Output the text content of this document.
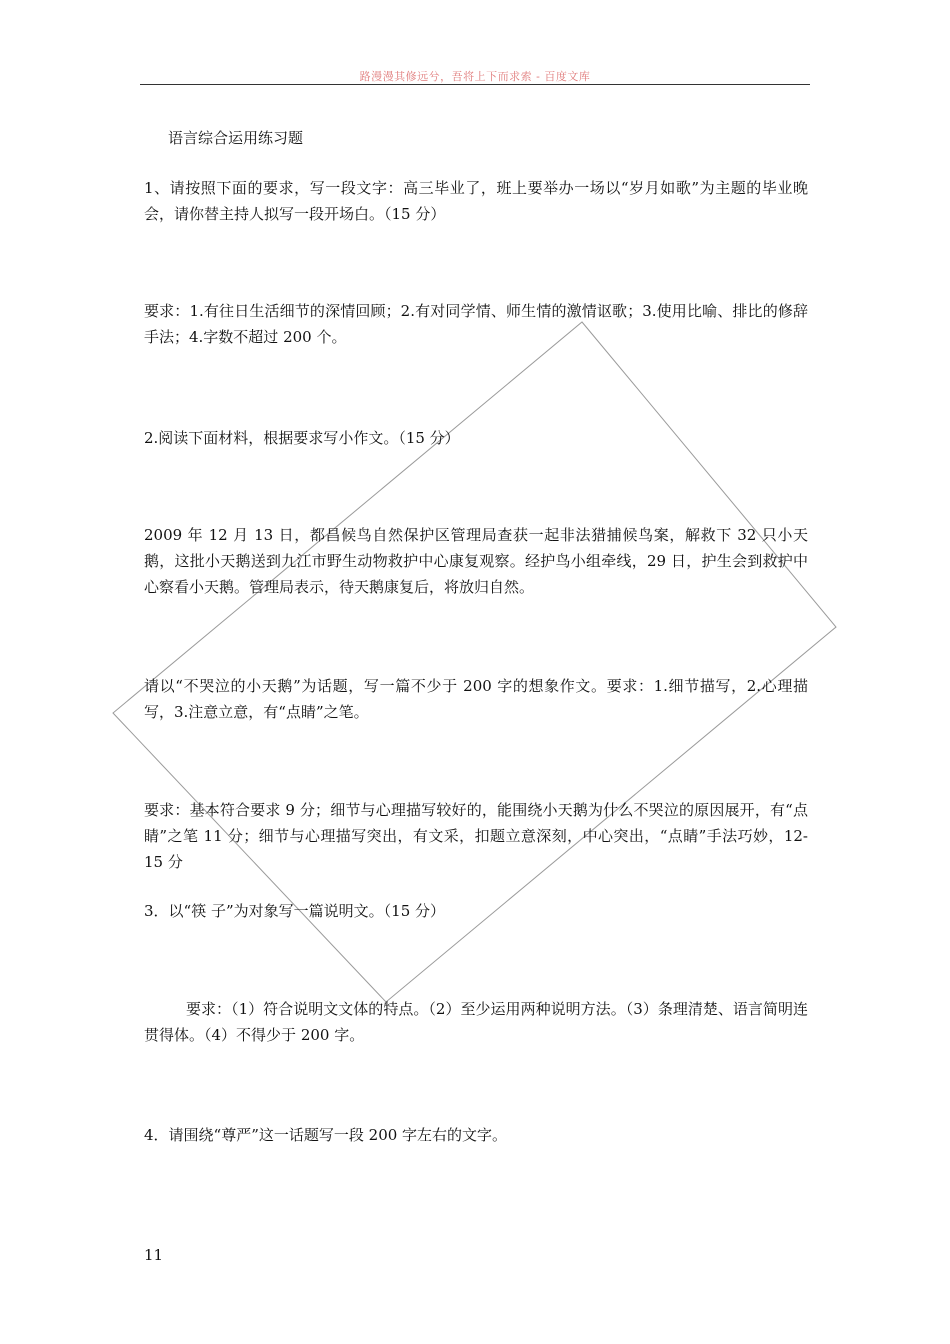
路漫漫其修远兮，吾将上下而求索 - 百度文库

语言综合运用练习题

1、请按照下面的要求，写一段文字：高三毕业了，班上要举办一场以“岁月如歌”为主题的毕业晚会，请你替主持人拟写一段开场白。（15 分）

要求：1.有往日生活细节的深情回顾；2.有对同学情、师生情的激情讴歌；3.使用比喻、排比的修辞手法；4.字数不超过 200 个。

2.阅读下面材料，根据要求写小作文。（15 分）

2009 年 12 月 13 日，都昌候鸟自然保护区管理局查获一起非法猎捕候鸟案，解救下 32 只小天鹅，这批小天鹅送到九江市野生动物救护中心康复观察。经护鸟小组牵线，29 日，护生会到救护中心察看小天鹅。管理局表示，待天鹅康复后，将放归自然。

请以“不哭泣的小天鹅”为话题，写一篇不少于 200 字的想象作文。要求：1.细节描写，2.心理描写，3.注意立意，有“点睛”之笔。

要求：基本符合要求 9 分；细节与心理描写较好的，能围绕小天鹅为什么不哭泣的原因展开，有“点睛”之笔 11 分；细节与心理描写突出，有文采，扣题立意深刻，中心突出，“点睛”手法巧妙，12-15 分

3．以“筷 子”为对象写一篇说明文。（15 分）

要求：（1）符合说明文文体的特点。（2）至少运用两种说明方法。（3）条理清楚、语言简明连贯得体。（4）不得少于 200 字。

4．请围绕“尊严”这一话题写一段 200 字左右的文字。

11
